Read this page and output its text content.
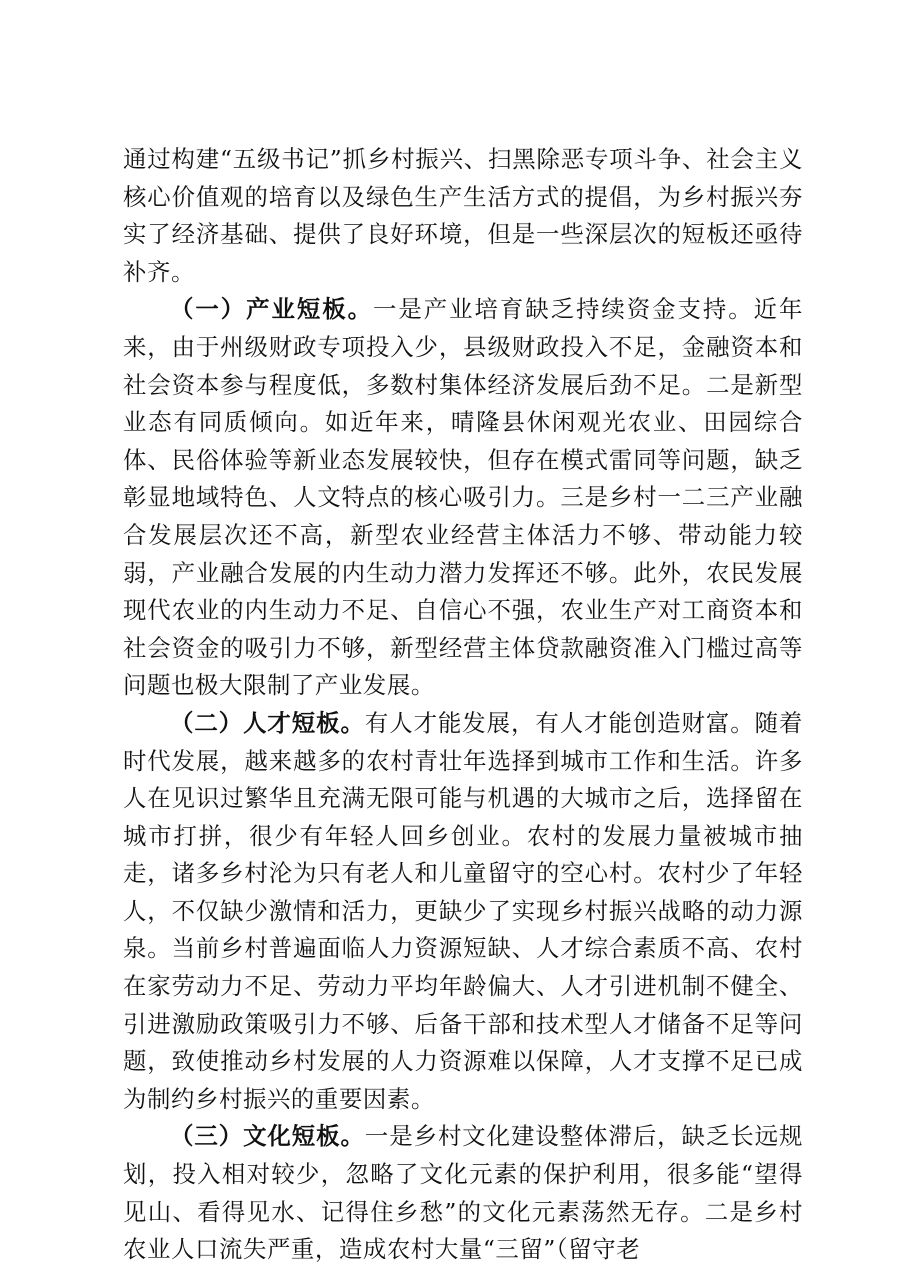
通过构建“五级书记”抓乡村振兴、扫黑除恶专项斗争、社会主义核心价值观的培育以及绿色生产生活方式的提倡，为乡村振兴夯实了经济基础、提供了良好环境，但是一些深层次的短板还亟待补齐。

（一）产业短板。一是产业培育缺乏持续资金支持。近年来，由于州级财政专项投入少，县级财政投入不足，金融资本和社会资本参与程度低，多数村集体经济发展后劲不足。二是新型业态有同质倾向。如近年来，晴隆县休闲观光农业、田园综合体、民俗体验等新业态发展较快，但存在模式雷同等问题，缺乏彰显地域特色、人文特点的核心吸引力。三是乡村一二三产业融合发展层次还不高，新型农业经营主体活力不够、带动能力较弱，产业融合发展的内生动力潜力发挥还不够。此外，农民发展现代农业的内生动力不足、自信心不强，农业生产对工商资本和社会资金的吸引力不够，新型经营主体贷款融资准入门槛过高等问题也极大限制了产业发展。

（二）人才短板。有人才能发展，有人才能创造财富。随着时代发展，越来越多的农村青壮年选择到城市工作和生活。许多人在见识过繁华且充满无限可能与机遇的大城市之后，选择留在城市打拼，很少有年轻人回乡创业。农村的发展力量被城市抽走，诸多乡村沦为只有老人和儿童留守的空心村。农村少了年轻人，不仅缺少激情和活力，更缺少了实现乡村振兴战略的动力源泉。当前乡村普遍面临人力资源短缺、人才综合素质不高、农村在家劳动力不足、劳动力平均年龄偏大、人才引进机制不健全、引进激励政策吸引力不够、后备干部和技术型人才储备不足等问题，致使推动乡村发展的人力资源难以保障，人才支撑不足已成为制约乡村振兴的重要因素。

（三）文化短板。一是乡村文化建设整体滞后，缺乏长远规划，投入相对较少，忽略了文化元素的保护利用，很多能“望得见山、看得见水、记得住乡愁”的文化元素荡然无存。二是乡村农业人口流失严重，造成农村大量“三留”（留守老
